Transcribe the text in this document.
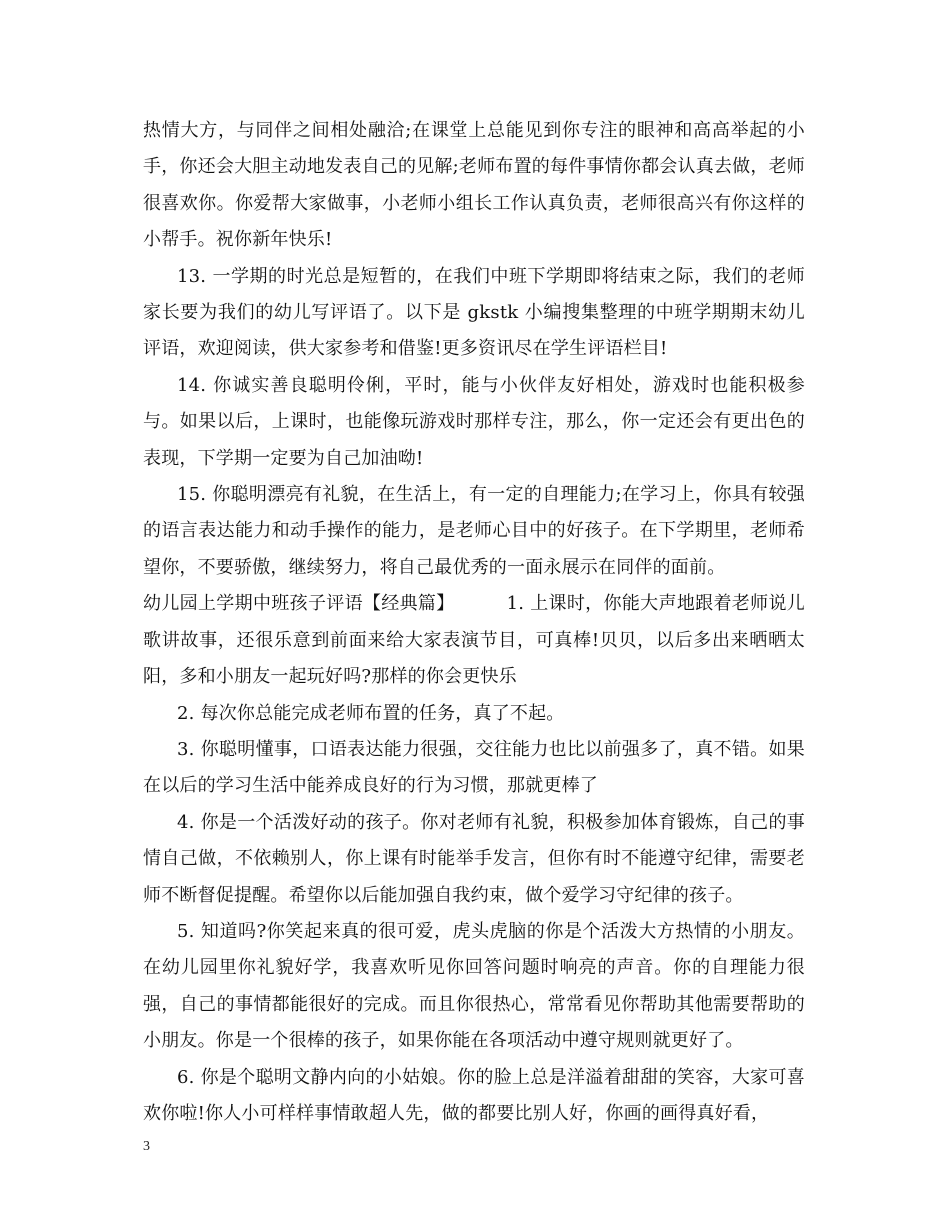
热情大方，与同伴之间相处融洽;在课堂上总能见到你专注的眼神和高高举起的小手，你还会大胆主动地发表自己的见解;老师布置的每件事情你都会认真去做，老师很喜欢你。你爱帮大家做事，小老师小组长工作认真负责，老师很高兴有你这样的小帮手。祝你新年快乐!

13. 一学期的时光总是短暂的，在我们中班下学期即将结束之际，我们的老师家长要为我们的幼儿写评语了。以下是 gkstk 小编搜集整理的中班学期期末幼儿评语，欢迎阅读，供大家参考和借鉴!更多资讯尽在学生评语栏目!

14. 你诚实善良聪明伶俐，平时，能与小伙伴友好相处，游戏时也能积极参与。如果以后，上课时，也能像玩游戏时那样专注，那么，你一定还会有更出色的表现，下学期一定要为自己加油呦!

15. 你聪明漂亮有礼貌，在生活上，有一定的自理能力;在学习上，你具有较强的语言表达能力和动手操作的能力，是老师心目中的好孩子。在下学期里，老师希望你，不要骄傲，继续努力，将自己最优秀的一面永展示在同伴的面前。

幼儿园上学期中班孩子评语【经典篇】	1. 上课时，你能大声地跟着老师说儿歌讲故事，还很乐意到前面来给大家表演节目，可真棒!贝贝，以后多出来晒晒太阳，多和小朋友一起玩好吗?那样的你会更快乐

2. 每次你总能完成老师布置的任务，真了不起。

3. 你聪明懂事，口语表达能力很强，交往能力也比以前强多了，真不错。如果在以后的学习生活中能养成良好的行为习惯，那就更棒了

4. 你是一个活泼好动的孩子。你对老师有礼貌，积极参加体育锻炼，自己的事情自己做，不依赖别人，你上课有时能举手发言，但你有时不能遵守纪律，需要老师不断督促提醒。希望你以后能加强自我约束，做个爱学习守纪律的孩子。

5. 知道吗?你笑起来真的很可爱，虎头虎脑的你是个活泼大方热情的小朋友。在幼儿园里你礼貌好学，我喜欢听见你回答问题时响亮的声音。你的自理能力很强，自己的事情都能很好的完成。而且你很热心，常常看见你帮助其他需要帮助的小朋友。你是一个很棒的孩子，如果你能在各项活动中遵守规则就更好了。

6. 你是个聪明文静内向的小姑娘。你的脸上总是洋溢着甜甜的笑容，大家可喜欢你啦!你人小可样样事情敢超人先，做的都要比别人好，你画的画得真好看，

3
